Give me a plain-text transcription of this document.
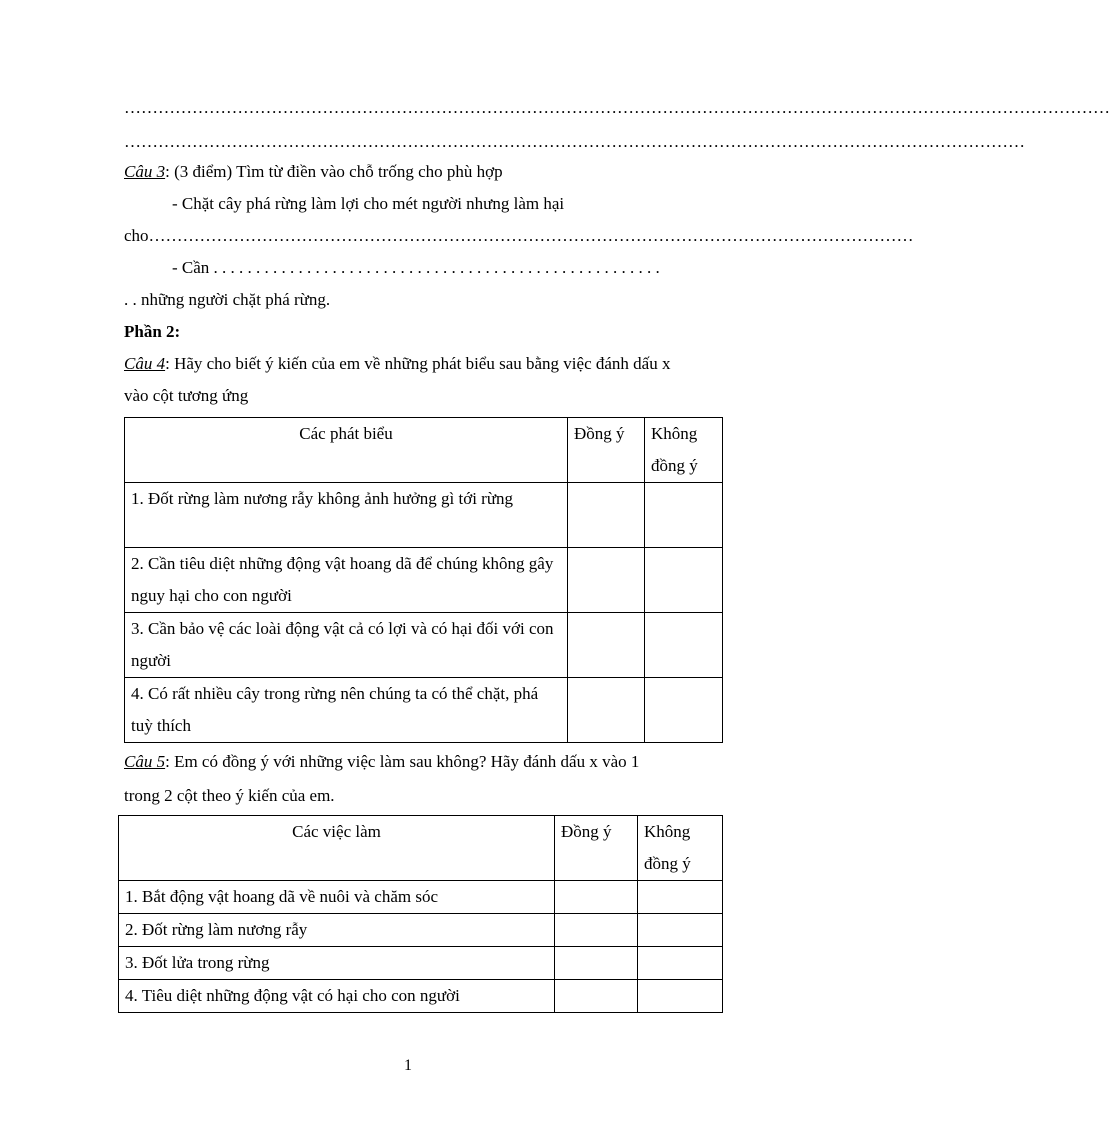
…………………………………………………………………………………………………………………………………………………………
……………………………………………………………………………………………………………………………………………
Câu 3: (3 điểm) Tìm từ điền vào chỗ trống cho phù hợp
- Chặt cây phá rừng làm lợi cho mét người nhưng làm hại
cho………………………………………………………………………………………………………………………
- Cần . . . . . . . . . . . . . . . . . . . . . . . . . . . . . . . . . . . . . . . . . . . . . . . . . . . . .
. . những người chặt phá rừng.
Phần 2:
Câu 4: Hãy cho biết ý kiến của em về những phát biểu sau bằng việc đánh dấu x
vào cột tương ứng
Các phát biểu	Đồng ý	Không đồng ý
1. Đốt rừng làm nương rẫy không ảnh hưởng gì tới rừng		
2. Cần tiêu diệt những động vật hoang dã để chúng không gây nguy hại cho con người		
3. Cần bảo vệ các loài động vật cả có lợi và có hại đối với con người		
4. Có rất nhiều cây trong rừng nên chúng ta có thể chặt, phá tuỳ thích		
Câu 5: Em có đồng ý với những việc làm sau không? Hãy đánh dấu x vào 1
trong 2 cột theo ý kiến của em.
Các việc làm	Đồng ý	Không đồng ý
1. Bắt động vật hoang dã về nuôi và chăm sóc		
2. Đốt rừng làm nương rẫy		
3. Đốt lửa trong rừng		
4. Tiêu diệt những động vật có hại cho con người		
1
